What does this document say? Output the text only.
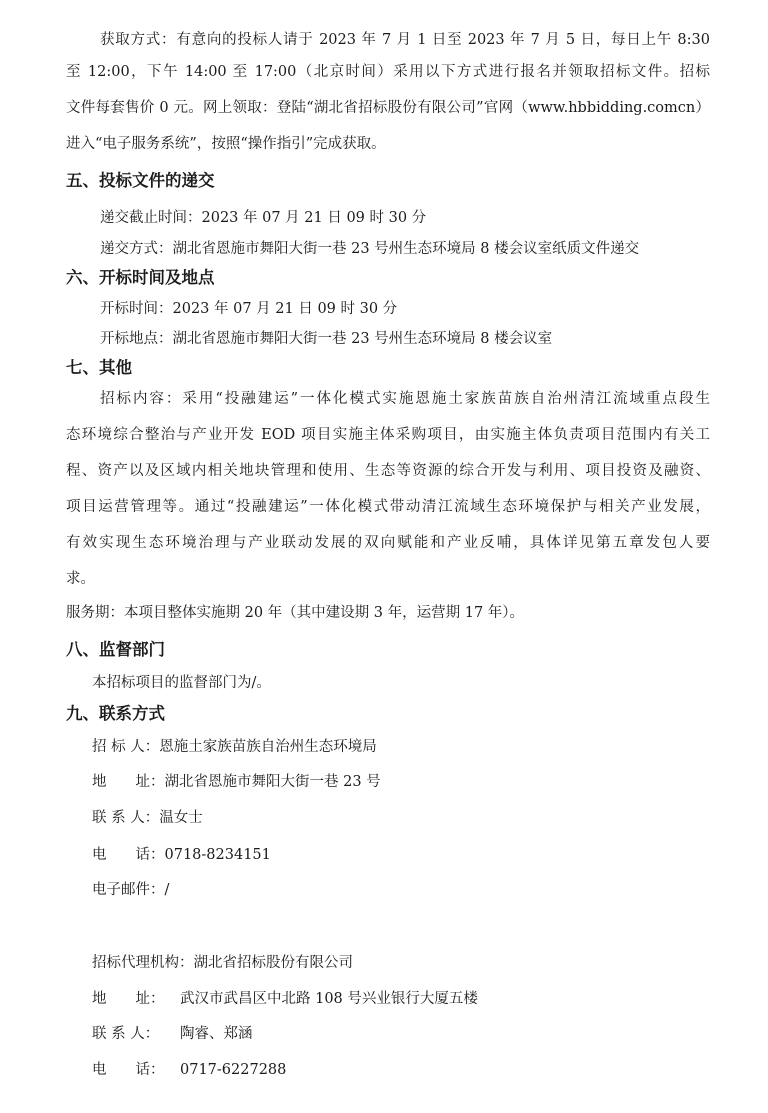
获取方式：有意向的投标人请于 2023 年 7 月 1 日至 2023 年 7 月 5 日，每日上午 8:30

至 12:00，下午 14:00 至 17:00（北京时间）采用以下方式进行报名并领取招标文件。招标

文件每套售价 0 元。网上领取：登陆“湖北省招标股份有限公司”官网（www.hbbidding.comcn）

进入“电子服务系统”，按照“操作指引”完成获取。

五、投标文件的递交

递交截止时间：2023 年 07 月 21 日 09 时 30 分

递交方式：湖北省恩施市舞阳大街一巷 23 号州生态环境局 8 楼会议室纸质文件递交

六、开标时间及地点

开标时间：2023 年 07 月 21 日 09 时 30 分

开标地点：湖北省恩施市舞阳大街一巷 23 号州生态环境局 8 楼会议室

七、其他

招标内容：采用“投融建运”一体化模式实施恩施土家族苗族自治州清江流域重点段生

态环境综合整治与产业开发 EOD 项目实施主体采购项目，由实施主体负责项目范围内有关工

程、资产以及区域内相关地块管理和使用、生态等资源的综合开发与利用、项目投资及融资、

项目运营管理等。通过“投融建运”一体化模式带动清江流域生态环境保护与相关产业发展，

有效实现生态环境治理与产业联动发展的双向赋能和产业反哺，具体详见第五章发包人要

求。

服务期：本项目整体实施期 20 年（其中建设期 3 年，运营期 17 年）。

八、监督部门

本招标项目的监督部门为/。

九、联系方式

招 标 人：恩施土家族苗族自治州生态环境局

地　　址：湖北省恩施市舞阳大街一巷 23 号

联 系 人：温女士

电　　话：0718-8234151

电子邮件：/

招标代理机构：湖北省招标股份有限公司

地　　址： 武汉市武昌区中北路 108 号兴业银行大厦五楼

联 系 人： 陶睿、郑涵

电　　话： 0717-6227288
